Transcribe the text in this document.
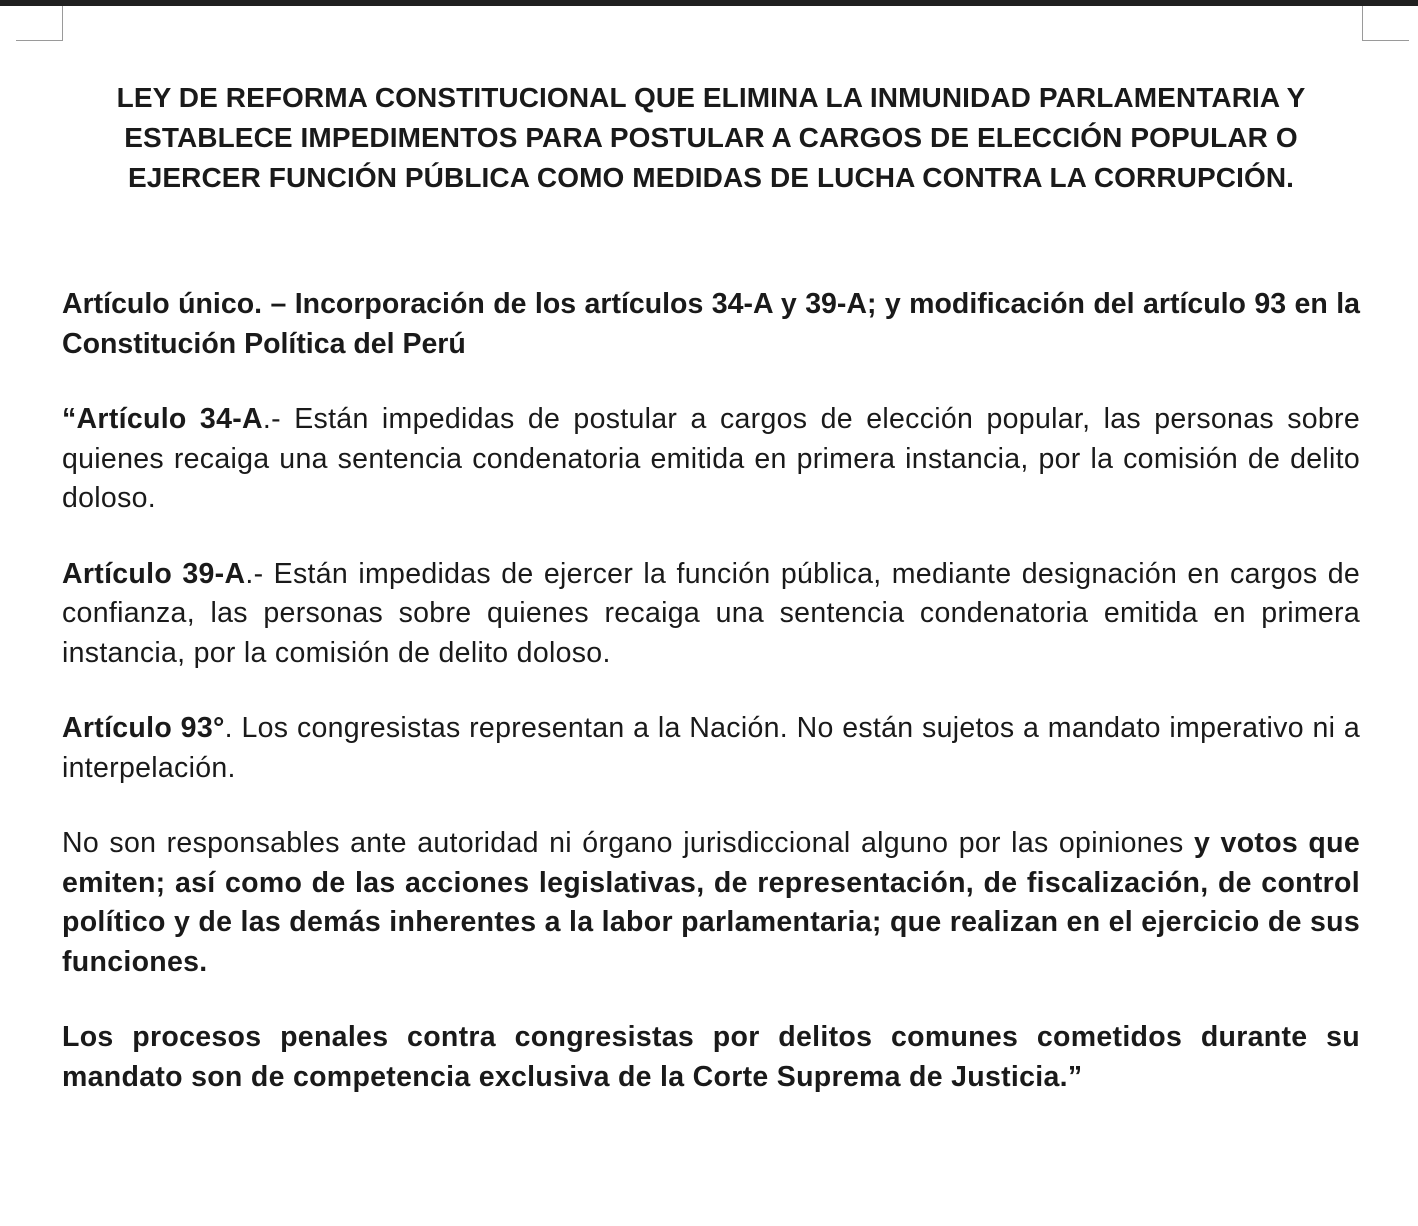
LEY DE REFORMA CONSTITUCIONAL QUE ELIMINA LA INMUNIDAD PARLAMENTARIA Y ESTABLECE IMPEDIMENTOS PARA POSTULAR A CARGOS DE ELECCIÓN POPULAR O EJERCER FUNCIÓN PÚBLICA COMO MEDIDAS DE LUCHA CONTRA LA CORRUPCIÓN.

Artículo único. – Incorporación de los artículos 34-A y 39-A; y modificación del artículo 93 en la Constitución Política del Perú

“Artículo 34-A.- Están impedidas de postular a cargos de elección popular, las personas sobre quienes recaiga una sentencia condenatoria emitida en primera instancia, por la comisión de delito doloso.

Artículo 39-A.- Están impedidas de ejercer la función pública, mediante designación en cargos de confianza, las personas sobre quienes recaiga una sentencia condenatoria emitida en primera instancia, por la comisión de delito doloso.

Artículo 93°. Los congresistas representan a la Nación. No están sujetos a mandato imperativo ni a interpelación.

No son responsables ante autoridad ni órgano jurisdiccional alguno por las opiniones y votos que emiten; así como de las acciones legislativas, de representación, de fiscalización, de control político y de las demás inherentes a la labor parlamentaria; que realizan en el ejercicio de sus funciones.

Los procesos penales contra congresistas por delitos comunes cometidos durante su mandato son de competencia exclusiva de la Corte Suprema de Justicia.”
